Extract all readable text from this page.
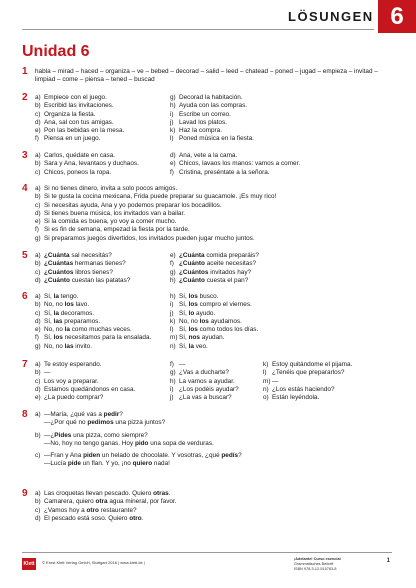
LÖSUNGEN 6
Unidad 6
1 habla – mirad – haced – organiza – ve – bebed – decorad – salid – leed – chatead – poned – jugad – empieza – invitad – limpiad – come – piensa – tened – buscad

2 a) Empiece con el juego.
b) Escribid las invitaciones.
c) Organiza la fiesta.
d) Ana, sal con tus amigas.
e) Pon las bebidas en la mesa.
f) Piensa en un juego.
g) Decorad la habitación.
h) Ayuda con las compras.
i) Escribe un correo.
j) Lavad los platos.
k) Haz la compra.
l) Poned música en la fiesta.
3 a) Carlos, quédate en casa.
b) Sara y Ana, levantaos y duchaos.
c) Chicos, poneos la ropa.
d) Ana, vete a la cama.
e) Chicos, lavaos los manos: vamos a comer.
f) Cristina, preséntate a la señora.
4 a) Si no tienes dinero, invita a solo pocos amigos.
b) Si te gusta la cocina mexicana, Frida puede preparar su guacamole. ¡Es muy rico!
c) Si necesitas ayuda, Ana y yo podemos preparar los bocadillos.
d) Si tienes buena música, los invitados van a bailar.
e) Si la comida es buena, yo voy a comer mucho.
f) Si es fin de semana, empezad la fiesta por la tarde.
g) Si preparamos juegos divertidos, los invitados pueden jugar mucho juntos.
5 a) ¿Cuánta sal necesitás?
b) ¿Cuántas hermanas tienes?
c) ¿Cuántos libros tienes?
d) ¿Cuánto cuestan las patatas?
e) ¿Cuánta comida preparáis?
f) ¿Cuánto aceite necesitas?
g) ¿Cuántos invitados hay?
h) ¿Cuánto cuesta el pan?
6 a) Sí, la tengo.
b) No, no los lavo.
c) Sí, la decoramos.
d) Sí, las preparamos.
e) No, no la como muchas veces.
f) Sí, los necesitamos para la ensalada.
g) No, no las invito.
h) Sí, los busco.
i) Sí, los compro el viernes.
j) Sí, lo ayudo.
k) No, no los ayudamos.
l) Sí, los como todos los días.
m) Sí, nos ayudan.
n) Sí, la veo.
7 a) Te estoy esperando.
b) —
c) Los voy a preparar.
d) Estamos quedándonos en casa.
e) ¿La puedo comprar?
f) —
g) ¿Vas a ducharte?
h) La vamos a ayudar.
i) ¿Los podéis ayudar?
j) ¿La vas a buscar?
k) Estoy quitándome el pijama.
l) ¿Tenéis que prepararlos?
m) —
n) ¿Los estás haciendo?
o) Están leyéndola.
8 a) —María, ¿qué vas a pedir?
—¿Por qué no pedimos una pizza juntos?
b) —¿Pides una pizza, como siempre?
—No, hoy no tengo ganas. Hoy pido una sopa de verduras.
c) —Fran y Ana piden un helado de chocolate. Y vosotras, ¿qué pedís?
—Lucía pide un flan. Y yo, ¡no quiero nada!
9 a) Las croquetas llevan pescado. Quiero otras.
b) Camarera, quiero otra agua mineral, por favor.
c) ¿Vamos hoy a otro restaurante?
d) El pescado está soso. Quiero otro.
Klett	© Ernst Klett Verlag GmbH, Stuttgart 2016 | www.klett.de |
¡Adelante! Curso esencial
Grammatisches Beiheft
ISBN 978-3-12-515763-8
1
